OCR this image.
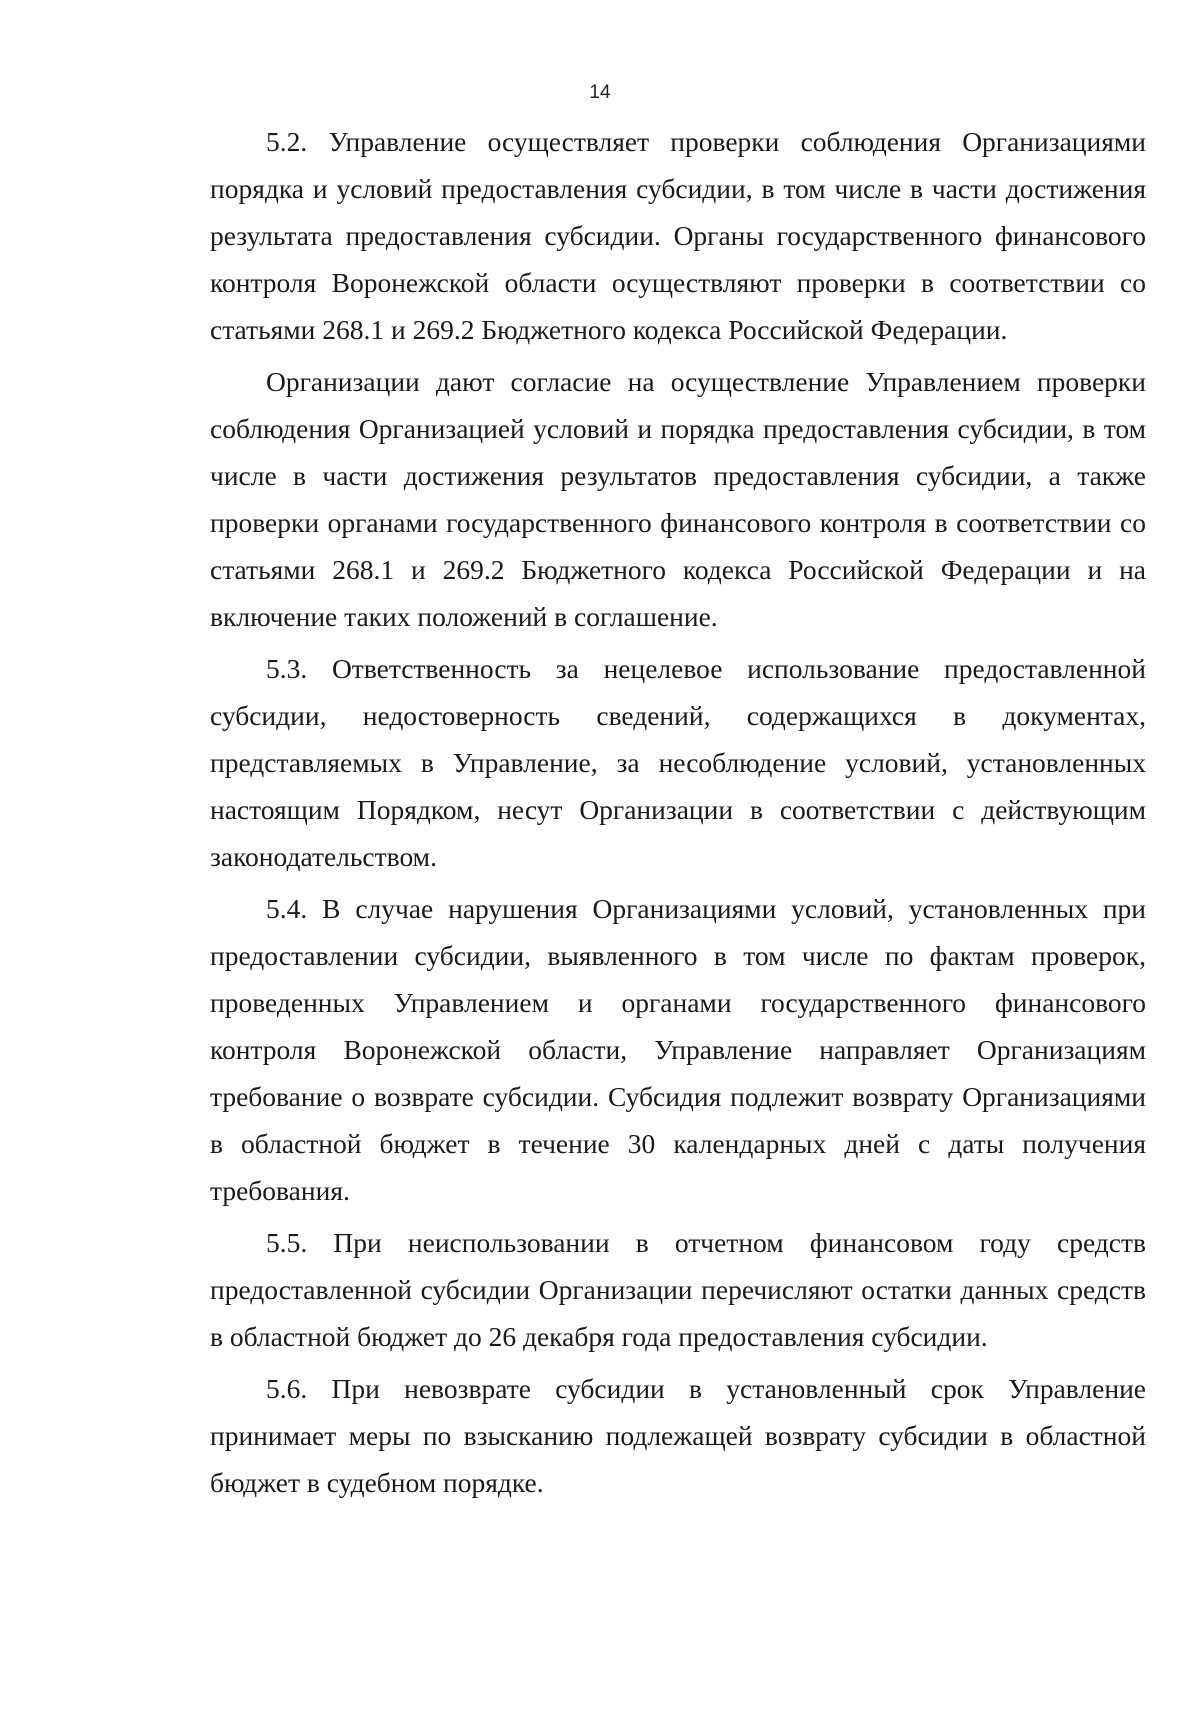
14

5.2. Управление осуществляет проверки соблюдения Организациями порядка и условий предоставления субсидии, в том числе в части достижения результата предоставления субсидии. Органы государственного финансового контроля Воронежской области осуществляют проверки в соответствии со статьями 268.1 и 269.2 Бюджетного кодекса Российской Федерации.

Организации дают согласие на осуществление Управлением проверки соблюдения Организацией условий и порядка предоставления субсидии, в том числе в части достижения результатов предоставления субсидии, а также проверки органами государственного финансового контроля в соответствии со статьями 268.1 и 269.2 Бюджетного кодекса Российской Федерации и на включение таких положений в соглашение.

5.3. Ответственность за нецелевое использование предоставленной субсидии, недостоверность сведений, содержащихся в документах, представляемых в Управление, за несоблюдение условий, установленных настоящим Порядком, несут Организации в соответствии с действующим законодательством.

5.4. В случае нарушения Организациями условий, установленных при предоставлении субсидии, выявленного в том числе по фактам проверок, проведенных Управлением и органами государственного финансового контроля Воронежской области, Управление направляет Организациям требование о возврате субсидии. Субсидия подлежит возврату Организациями в областной бюджет в течение 30 календарных дней с даты получения требования.

5.5. При неиспользовании в отчетном финансовом году средств предоставленной субсидии Организации перечисляют остатки данных средств в областной бюджет до 26 декабря года предоставления субсидии.

5.6. При невозврате субсидии в установленный срок Управление принимает меры по взысканию подлежащей возврату субсидии в областной бюджет в судебном порядке.
